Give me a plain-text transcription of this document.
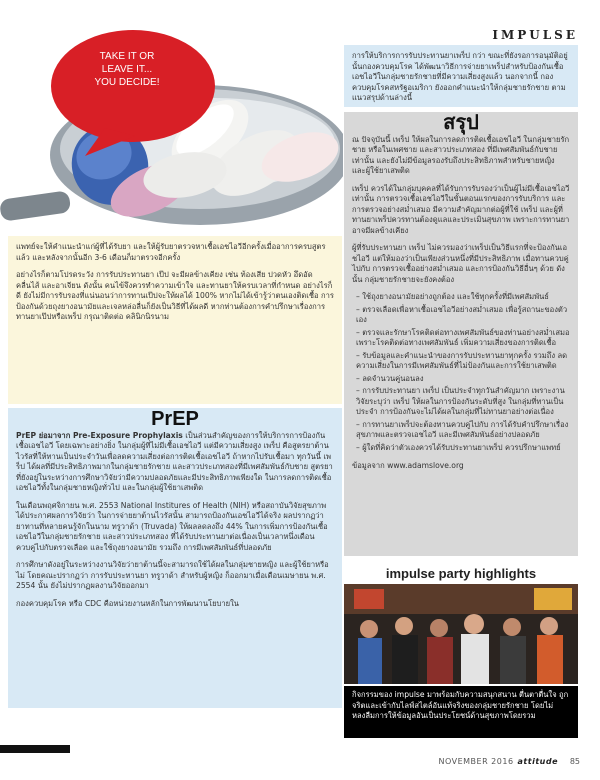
IMPULSE
TAKE IT OR
LEAVE IT...
YOU DECIDE!

แพทย์จะให้คำแนะนำแก่ผู้ที่ได้รับยา และให้ผู้รับยาตรวจหาเชื้อเอชไอวีอีกครั้งเมื่ออาการครบสูตรแล้ว และหลังจากนั้นอีก 3-6 เดือนก็มาตรวจอีกครั้ง

อย่างไรก็ตามโปรดระวัง การรับประทานยา เป๊ป จะมีผลข้างเคียง เช่น ท้องเสีย ปวดหัว อึดอัด คลื่นไส้ และอาเจียน ดังนั้น คนไข้จึงควรทำความเข้าใจ และทานยาให้ครบเวลาที่กำหนด อย่างไรก็ดี ยังไม่มีการรับรองที่แน่นอนว่าการทานเป๊ปจะให้ผลได้ 100% หากไม่ได้เข้ารู้ว่าตนเองติดเชื้อ การป้องกันด้วยถุงยางอนามัยและเจลหล่อลื่นก็ยังเป็นวิธีที่ได้ผลดี หากท่านต้องการคำปรึกษาเรื่องการทานยาเป๊ปหรือเพร็ป กรุณาติดต่อ คลินิกนิรนาม

PrEP

PrEP ย่อมาจาก Pre-Exposure Prophylaxis เป็นส่วนสำคัญของการให้บริการการป้องกันเชื้อเอชไอวี โดยเฉพาะอย่างยิ่ง ในกลุ่มผู้ที่ไม่มีเชื้อเอชไอวี แต่มีความเสี่ยงสูง เพร็ป คือสูตรยาต้านไวรัสที่ให้ทานเป็นประจำวันเพื่อลดความเสี่ยงต่อการติดเชื้อเอชไอวี ถ้าหากไปรับเชื้อมา ทุกวันนี้ เพร็ป ได้ผลที่มีประสิทธิภาพมากในกลุ่มชายรักชาย และสาวประเภทสองที่มีเพศสัมพันธ์กับชาย สูตรยาที่ยังอยู่ในระหว่างการศึกษาวิจัยว่ามีความปลอดภัยและมีประสิทธิภาพเพียงใด ในการลดการติดเชื้อเอชไอวีทั้งในกลุ่มชายหญิงทั่วไป และในกลุ่มผู้ใช้ยาเสพติด

ในเดือนพฤศจิกายน พ.ศ. 2553 National Institures of Health (NIH) หรือสถาบันวิจัยสุขภาพ ได้ประกาศผลการวิจัยว่า ในการจ่ายยาต้านไวรัสนั้น สามารถป้องกันเอชไอวีได้จริง ผลปรากฏว่า ยาทานที่หลายคนรู้จักในนาม ทรูวาด้า (Truvada) ให้ผลลดลงถึง 44% ในการเพิ่มการป้องกันเชื้อเอชไอวีในกลุ่มชายรักชาย และสาวประเภทสอง ที่ได้รับประทานยาต่อเนื่องเป็นเวลาหนึ่งเดือน ควบคู่ไปกับตรวจเลือด และใช้ถุงยางอนามัย รวมถึง การมีเพศสัมพันธ์ที่ปลอดภัย

การศึกษาดังอยู่ในระหว่างงานวิจัยว่ายาต้านนี้จะสามารถใช้ได้ผลในกลุ่มชายหญิง และผู้ใช้ยาหรือไม่ โดยคณะปรากฏว่า การรับประทานยา ทรูวาด้า สำหรับผู้หญิง ก็ออกมาเมื่อเดือนเมษายน พ.ศ. 2554 นั้น ยังไม่ปรากฏผลงานวิจัยออกมา

กองควบคุมโรค หรือ CDC คือหน่วยงานหลักในการพัฒนานโยบายใน

การให้บริการการรับประทานยาเพร็ป กว่า ขณะที่ยังรอการอนุมัติอยู่นั้นกองควบคุมโรค ได้พัฒนาวิธีการจ่ายยาเพร็ปสำหรับป้องกันเชื้อเอชไอวีในกลุ่มชายรักชายที่มีความเสี่ยงสูงแล้ว นอกจากนี้ กองควบคุมโรคสหรัฐอเมริกา ยังออกคำแนะนำให้กลุ่มชายรักชาย ตามแนวสรุปด้านล่างนี้

สรุป

ณ ปัจจุบันนี้ เพร็ป ให้ผลในการลดการติดเชื้อเอชไอวี ในกลุ่มชายรักชาย หรือในเพศชาย และสาวประเภทสอง ที่มีเพศสัมพันธ์กับชายเท่านั้น และยังไม่มีข้อมูลรองรับถึงประสิทธิภาพสำหรับชายหญิง และผู้ใช้ยาเสพติด

เพร็ป ควรได้ในกลุ่มบุคคลที่ได้รับการรับรองว่าเป็นผู้ไม่มีเชื้อเอชไอวีเท่านั้น การตรวจเชื้อเอชไอวีในขั้นตอนแรกของการรับบริการ และการตรวจอย่างสม่ำเสมอ มีความสำคัญมากต่อผู้ที่ใช้ เพร็ป และผู้ที่ทานยาเพร็ปควรทานต้องดูแลและประเมินสุขภาพ เพราะการทานยาอาจมีผลข้างเคียง

ผู้ที่รับประทานยา เพร็ป ไม่ควรมองว่าเพร็ปเป็นวิธีแรกที่จะป้องกันเอชไอวี แต่ให้มองว่าเป็นเพียงส่วนหนึ่งที่มีประสิทธิภาพ เมื่อทานควบคู่ไปกับ การตรวจเชื้ออย่างสม่ำเสมอ และการป้องกันวิธีอื่นๆ ด้วย ดังนั้น กลุ่มชายรักชายจะยังคงต้อง

– ใช้ถุงยางอนามัยอย่างถูกต้อง และใช้ทุกครั้งที่มีเพศสัมพันธ์
– ตรวจเลือดเพื่อหาเชื้อเอชไอวีอย่างสม่ำเสมอ เพื่อรู้สถานะของตัวเอง
– ตรวจและรักษาโรคติดต่อทางเพศสัมพันธ์ของท่านอย่างสม่ำเสมอ เพราะโรคติดต่อทางเพศสัมพันธ์ เพิ่มความเสี่ยงของการติดเชื้อ
– รับข้อมูลและคำแนะนำของการรับประทานยาทุกครั้ง รวมถึง ลดความเสี่ยงในการมีเพศสัมพันธ์ที่ไม่ป้องกันและการใช้ยาเสพติด
– ลดจำนวนคู่นอนลง
– การรับประทานยา เพร็ป เป็นประจำทุกวันสำคัญมาก เพราะงานวิจัยระบุว่า เพร็ป ให้ผลในการป้องกันระดับที่สูง ในกลุ่มที่ทานเป็นประจำ การป้องกันจะไม่ได้ผลในกลุ่มที่ไม่ทานยาอย่างต่อเนื่อง
– การทานยาเพร็ปจะต้องทานควบคู่ไปกับ การได้รับคำปรึกษาเรื่องสุขภาพและตรวจเอชไอวี และมีเพศสัมพันธ์อย่างปลอดภัย
– ผู้ใดที่คิดว่าตัวเองควรได้รับประทานยาเพร็ป ควรปรึกษาแพทย์

ข้อมูลจาก www.adamslove.org

impulse party highlights
กิจกรรมของ impulse มาพร้อมกับความสนุกสนาน ตื่นตาตื่นใจ ถูกจริตและเข้ากับไลฟ์สไตล์อันแท้จริงของกลุ่มชายรักชาย โดยไม่หลงลืมการให้ข้อมูลอันเป็นประโยชน์ด้านสุขภาพโดยรวม
NOVEMBER 2016 attitude 85
